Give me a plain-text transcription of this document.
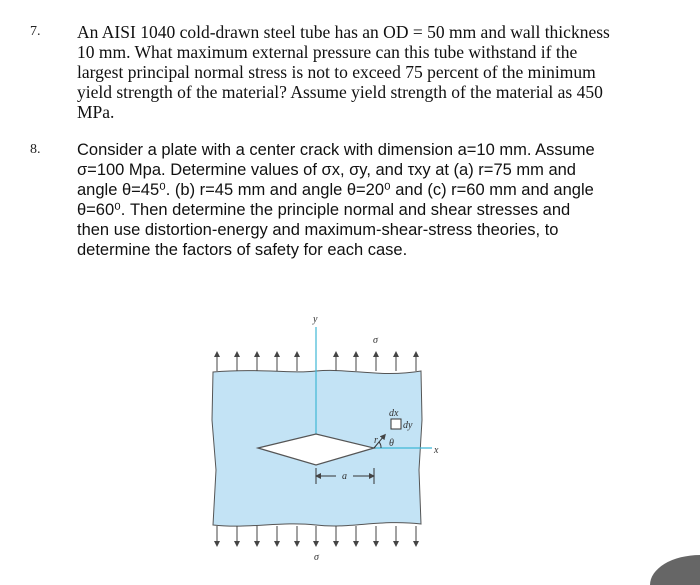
7. An AISI 1040 cold-drawn steel tube has an OD = 50 mm and wall thickness
10 mm. What maximum external pressure can this tube withstand if the
largest principal normal stress is not to exceed 75 percent of the minimum
yield strength of the material? Assume yield strength of the material as 450
MPa.
8. Consider a plate with a center crack with dimension a=10 mm. Assume
σ=100 Mpa. Determine values of σx, σy, and τxy at (a) r=75 mm and
angle θ=45⁰. (b) r=45 mm and angle θ=20⁰ and (c) r=60 mm and angle
θ=60⁰. Then determine the principle normal and shear stresses and
then use distortion-energy and maximum-shear-stress theories, to
determine the factors of safety for each case.
y
x
σ
σ
dx
dy
r θ
a
